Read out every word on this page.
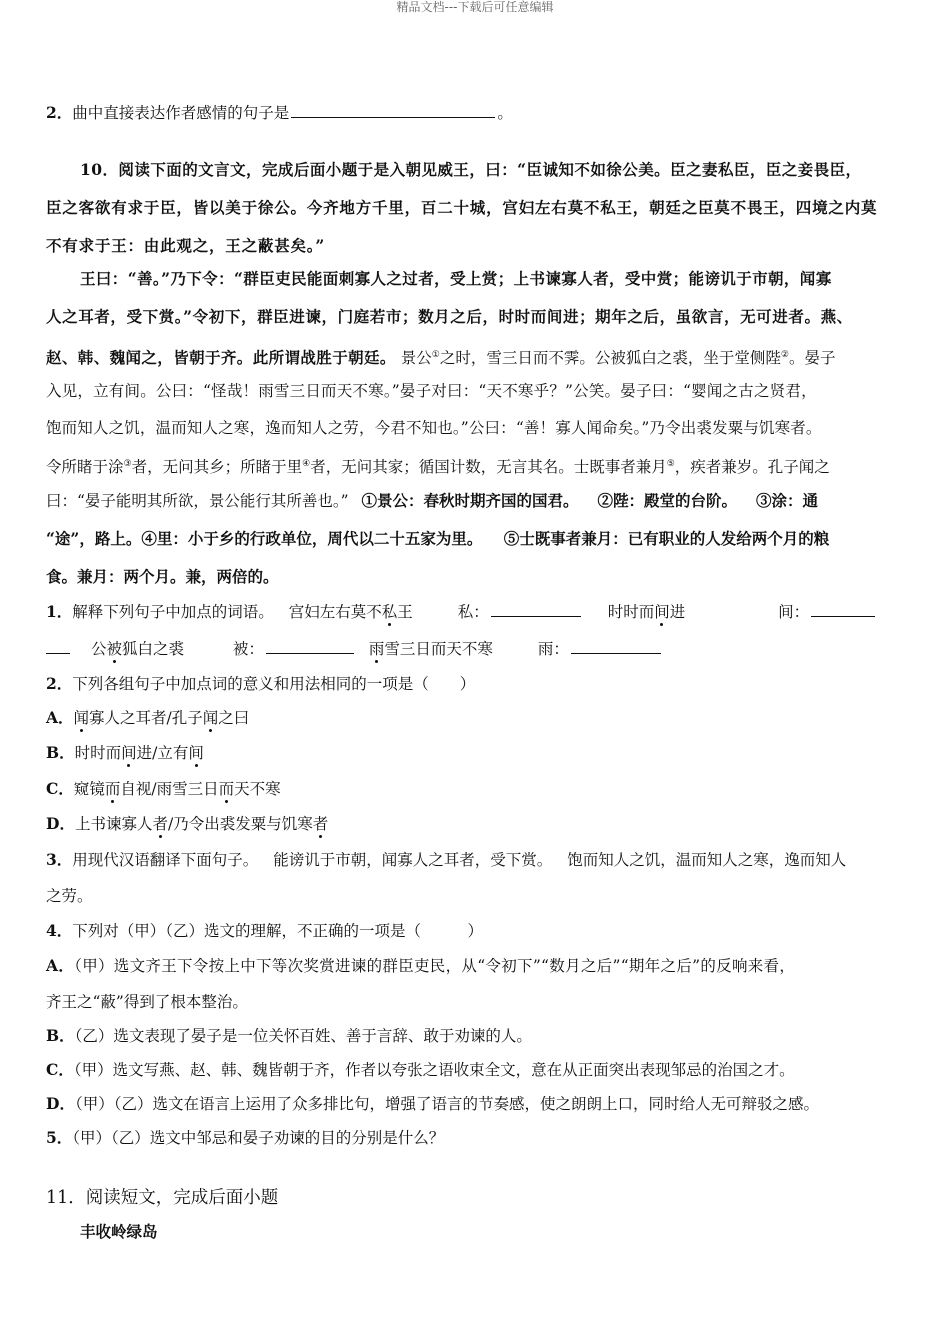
精品文档---下载后可任意编辑
2．曲中直接表达作者感情的句子是	。
10．阅读下面的文言文，完成后面小题于是入朝见威王，曰：“臣诚知不如徐公美。臣之妻私臣，臣之妾畏臣，
臣之客欲有求于臣，皆以美于徐公。今齐地方千里，百二十城，宫妇左右莫不私王，朝廷之臣莫不畏王，四境之内莫
不有求于王：由此观之，王之蔽甚矣。”
王曰：“善。”乃下令：“群臣吏民能面刺寡人之过者，受上赏；上书谏寡人者，受中赏；能谤讥于市朝，闻寡
人之耳者，受下赏。”令初下，群臣进谏，门庭若市；数月之后，时时而间进；期年之后，虽欲言，无可进者。燕、
赵、韩、魏闻之，皆朝于齐。此所谓战胜于朝廷。 景公①之时，雪三日而不霁。公被狐白之裘，坐于堂侧陛②。晏子
入见，立有间。公曰：“怪哉！雨雪三日而天不寒。”晏子对曰：“天不寒乎？”公笑。晏子曰：“婴闻之古之贤君，
饱而知人之饥，温而知人之寒，逸而知人之劳，今君不知也。”公曰：“善！寡人闻命矣。”乃令出裘发粟与饥寒者。
令所睹于涂③者，无问其乡；所睹于里④者，无问其家；循国计数，无言其名。士既事者兼月⑤，疾者兼岁。孔子闻之
曰：“晏子能明其所欲，景公能行其所善也。” ①景公：春秋时期齐国的国君。 ②陛：殿堂的台阶。 ③涂：通
“途”，路上。④里：小于乡的行政单位，周代以二十五家为里。 ⑤士既事者兼月：已有职业的人发给两个月的粮
食。兼月：两个月。兼，两倍的。
1．解释下列句子中加点的词语。 宫妇左右莫不私王	私：	时时而间进	间：
公被狐白之裘	被：	雨雪三日而天不寒	雨：
2．下列各组句子中加点词的意义和用法相同的一项是（　　）
A．闻寡人之耳者/孔子闻之曰
B．时时而间进/立有间
C．窥镜而自视/雨雪三日而天不寒
D．上书谏寡人者/乃令出裘发粟与饥寒者
3．用现代汉语翻译下面句子。 能谤讥于市朝，闻寡人之耳者，受下赏。 饱而知人之饥，温而知人之寒，逸而知人
之劳。
4．下列对（甲）（乙）选文的理解，不正确的一项是（　　　）
A．（甲）选文齐王下令按上中下等次奖赏进谏的群臣吏民，从“令初下”“数月之后”“期年之后”的反响来看，
齐王之“蔽”得到了根本整治。
B．（乙）选文表现了晏子是一位关怀百姓、善于言辞、敢于劝谏的人。
C．（甲）选文写燕、赵、韩、魏皆朝于齐，作者以夸张之语收束全文，意在从正面突出表现邹忌的治国之才。
D．（甲）（乙）选文在语言上运用了众多排比句，增强了语言的节奏感，使之朗朗上口，同时给人无可辩驳之感。
5．（甲）（乙）选文中邹忌和晏子劝谏的目的分别是什么？
11．阅读短文，完成后面小题
丰收岭绿岛
